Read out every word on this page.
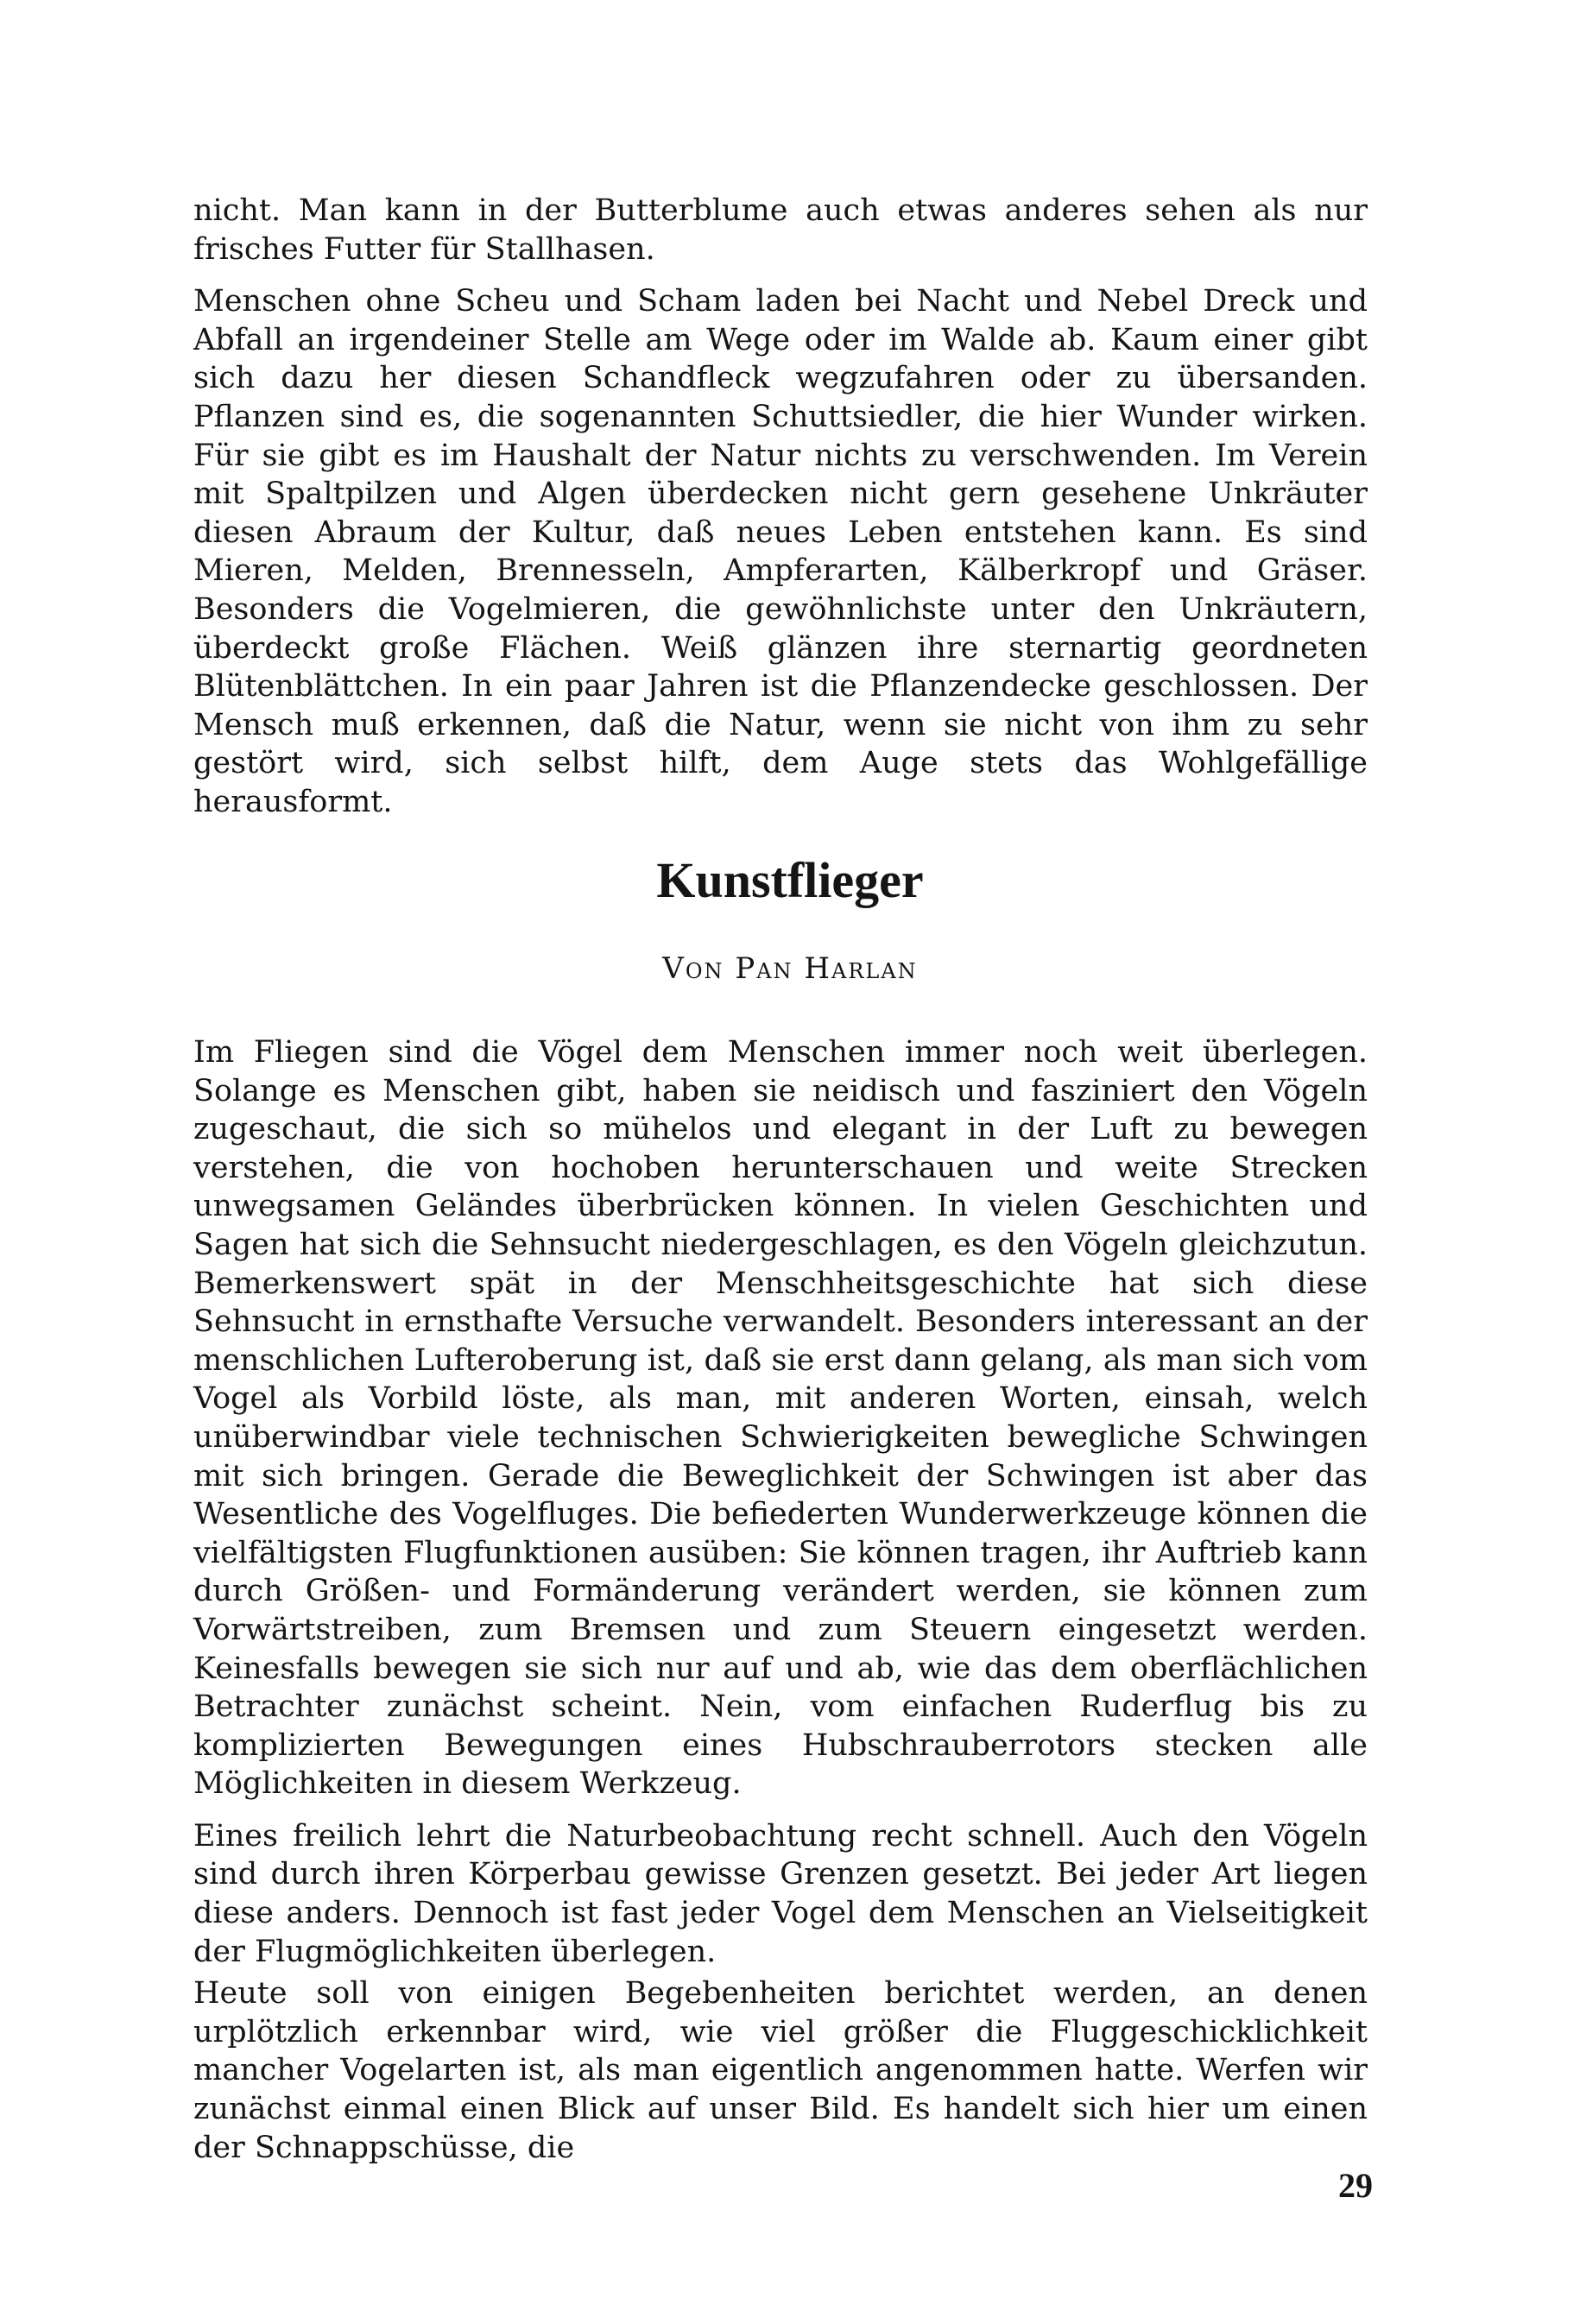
nicht. Man kann in der Butterblume auch etwas anderes sehen als nur frisches Futter für Stallhasen.

Menschen ohne Scheu und Scham laden bei Nacht und Nebel Dreck und Abfall an irgendeiner Stelle am Wege oder im Walde ab. Kaum einer gibt sich dazu her diesen Schandfleck wegzufahren oder zu übersanden. Pflanzen sind es, die sogenannten Schuttsiedler, die hier Wunder wirken. Für sie gibt es im Haushalt der Natur nichts zu verschwenden. Im Verein mit Spaltpilzen und Algen überdecken nicht gern gesehene Unkräuter diesen Abraum der Kultur, daß neues Leben entstehen kann. Es sind Mieren, Melden, Brennesseln, Ampferarten, Kälberkropf und Gräser. Besonders die Vogelmieren, die gewöhnlichste unter den Unkräutern, überdeckt große Flächen. Weiß glänzen ihre sternartig geordneten Blütenblättchen. In ein paar Jahren ist die Pflanzendecke geschlossen. Der Mensch muß erkennen, daß die Natur, wenn sie nicht von ihm zu sehr gestört wird, sich selbst hilft, dem Auge stets das Wohlgefällige herausformt.

Kunstflieger

Von Pan Harlan

Im Fliegen sind die Vögel dem Menschen immer noch weit überlegen. Solange es Menschen gibt, haben sie neidisch und fasziniert den Vögeln zugeschaut, die sich so mühelos und elegant in der Luft zu bewegen verstehen, die von hochoben herunterschauen und weite Strecken unwegsamen Geländes überbrücken können. In vielen Geschichten und Sagen hat sich die Sehnsucht niedergeschlagen, es den Vögeln gleichzutun. Bemerkenswert spät in der Menschheitsgeschichte hat sich diese Sehnsucht in ernsthafte Versuche verwandelt. Besonders interessant an der menschlichen Lufteroberung ist, daß sie erst dann gelang, als man sich vom Vogel als Vorbild löste, als man, mit anderen Worten, einsah, welch unüberwindbar viele technischen Schwierigkeiten bewegliche Schwingen mit sich bringen. Gerade die Beweglichkeit der Schwingen ist aber das Wesentliche des Vogelfluges. Die befiederten Wunderwerkzeuge können die vielfältigsten Flugfunktionen ausüben: Sie können tragen, ihr Auftrieb kann durch Größen- und Formänderung verändert werden, sie können zum Vorwärtstreiben, zum Bremsen und zum Steuern eingesetzt werden. Keinesfalls bewegen sie sich nur auf und ab, wie das dem oberflächlichen Betrachter zunächst scheint. Nein, vom einfachen Ruderflug bis zu komplizierten Bewegungen eines Hubschrauberrotors stecken alle Möglichkeiten in diesem Werkzeug.

Eines freilich lehrt die Naturbeobachtung recht schnell. Auch den Vögeln sind durch ihren Körperbau gewisse Grenzen gesetzt. Bei jeder Art liegen diese anders. Dennoch ist fast jeder Vogel dem Menschen an Vielseitigkeit der Flugmöglichkeiten überlegen.

Heute soll von einigen Begebenheiten berichtet werden, an denen urplötzlich erkennbar wird, wie viel größer die Fluggeschicklichkeit mancher Vogelarten ist, als man eigentlich angenommen hatte. Werfen wir zunächst einmal einen Blick auf unser Bild. Es handelt sich hier um einen der Schnappschüsse, die

29
